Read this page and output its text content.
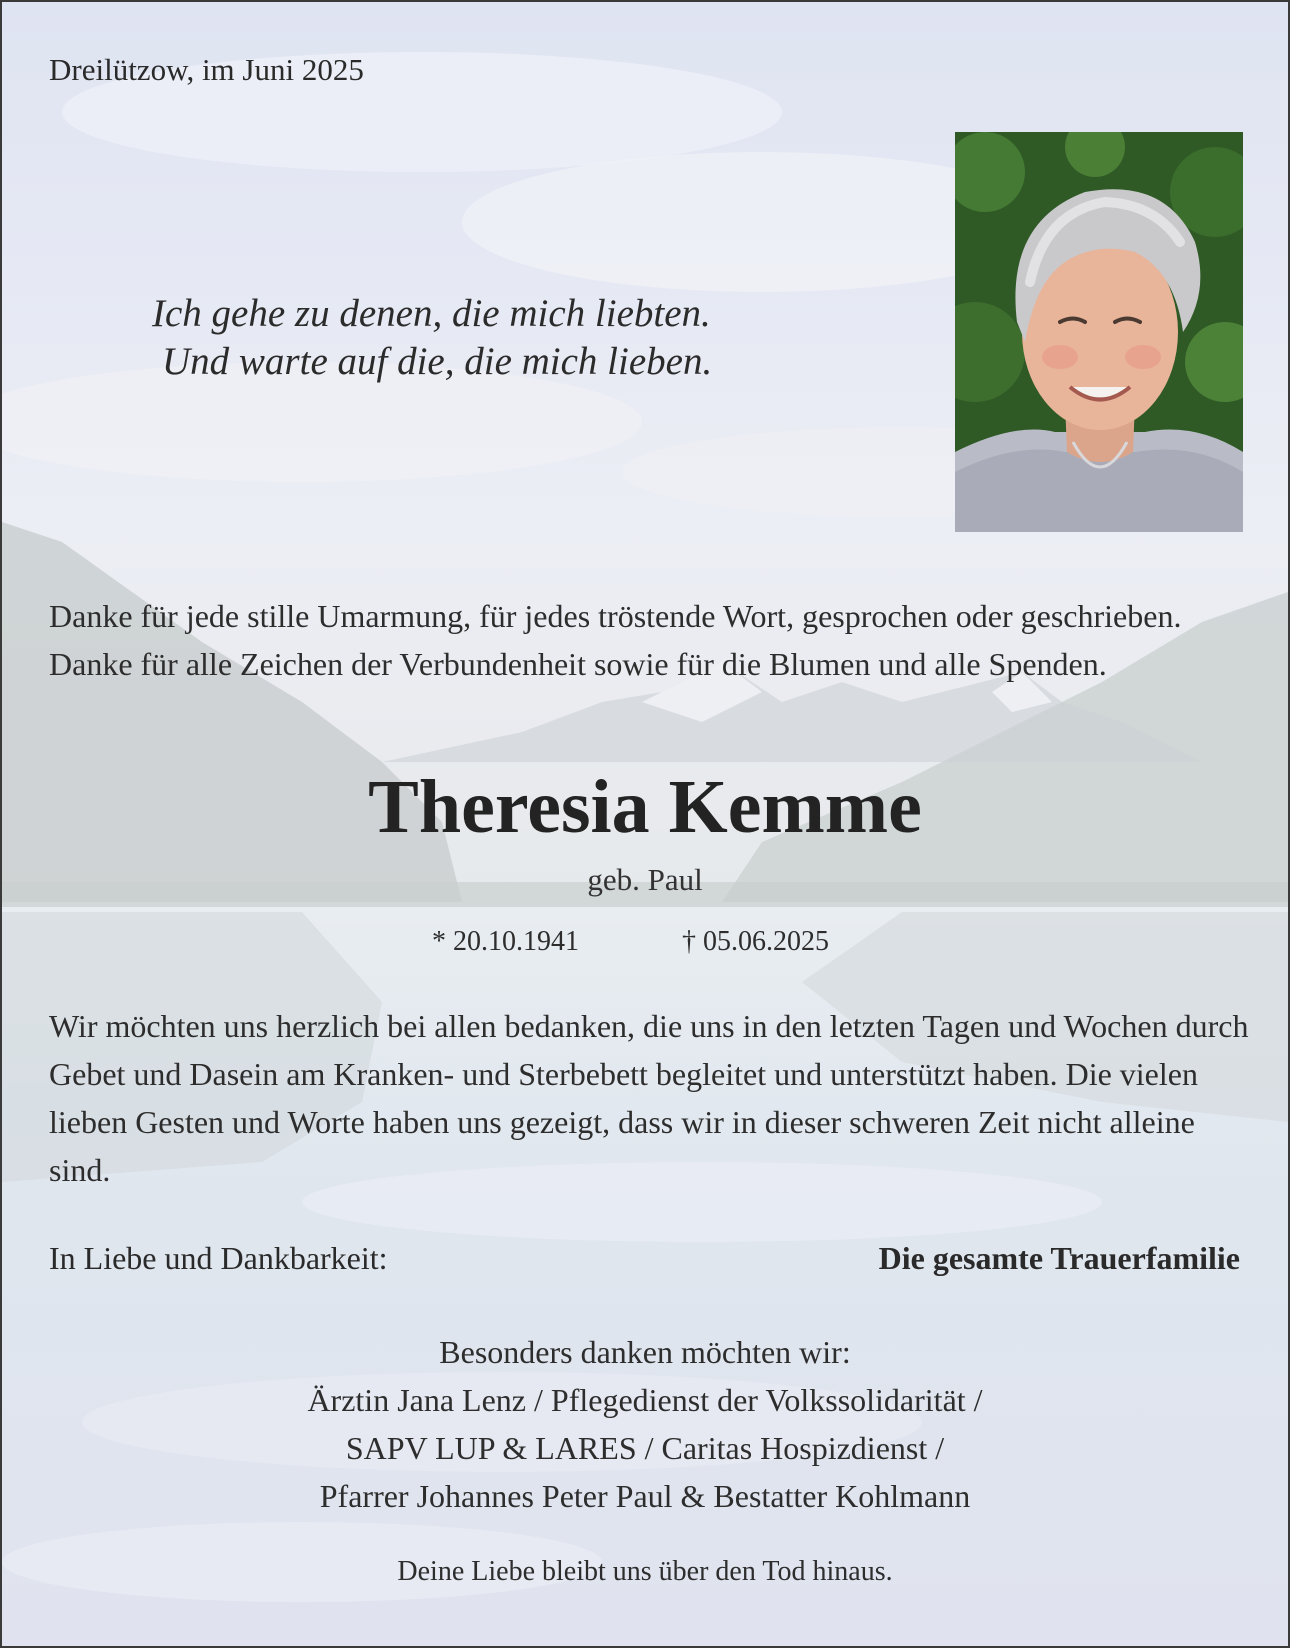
Dreilützow, im Juni 2025

Ich gehe zu denen, die mich liebten.
Und warte auf die, die mich lieben.

Danke für jede stille Umarmung, für jedes tröstende Wort, gesprochen oder geschrieben. Danke für alle Zeichen der Verbundenheit sowie für die Blumen und alle Spenden.

Theresia Kemme

geb. Paul

* 20.10.1941	† 05.06.2025

Wir möchten uns herzlich bei allen bedanken, die uns in den letzten Tagen und Wochen durch Gebet und Dasein am Kranken- und Sterbebett begleitet und unterstützt haben. Die vielen lieben Gesten und Worte haben uns gezeigt, dass wir in dieser schweren Zeit nicht alleine sind.

In Liebe und Dankbarkeit:	Die gesamte Trauerfamilie

Besonders danken möchten wir:
Ärztin Jana Lenz / Pflegedienst der Volkssolidarität /
SAPV LUP & LARES / Caritas Hospizdienst /
Pfarrer Johannes Peter Paul & Bestatter Kohlmann

Deine Liebe bleibt uns über den Tod hinaus.
